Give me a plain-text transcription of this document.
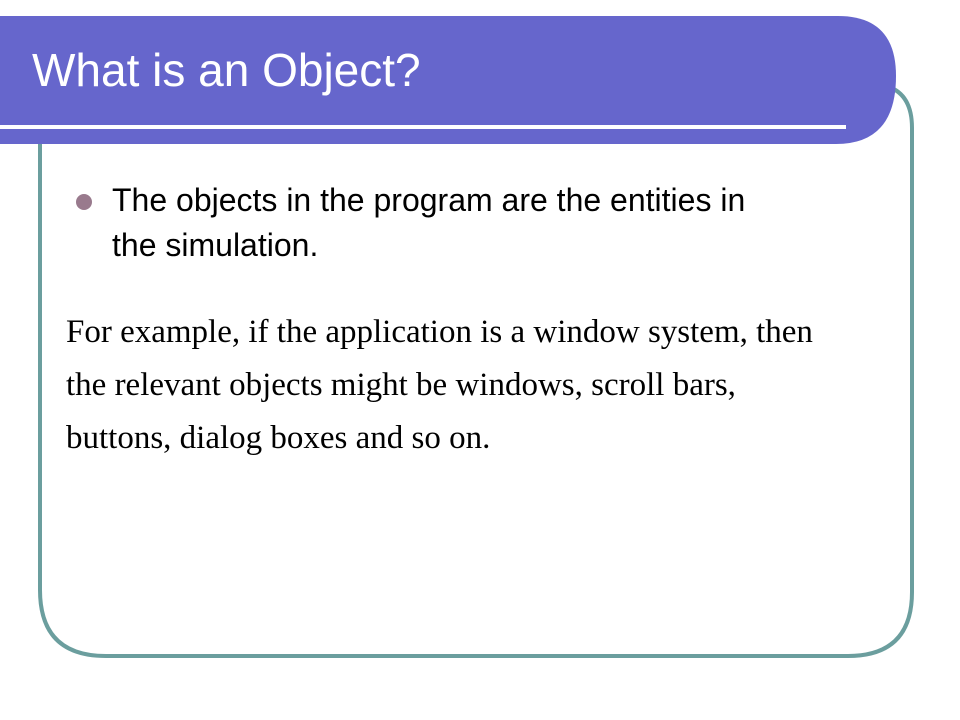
What is an Object?
The objects in the program are the entities in the simulation.

For example, if the application is a window system, then the relevant objects might be windows, scroll bars, buttons, dialog boxes and so on.
